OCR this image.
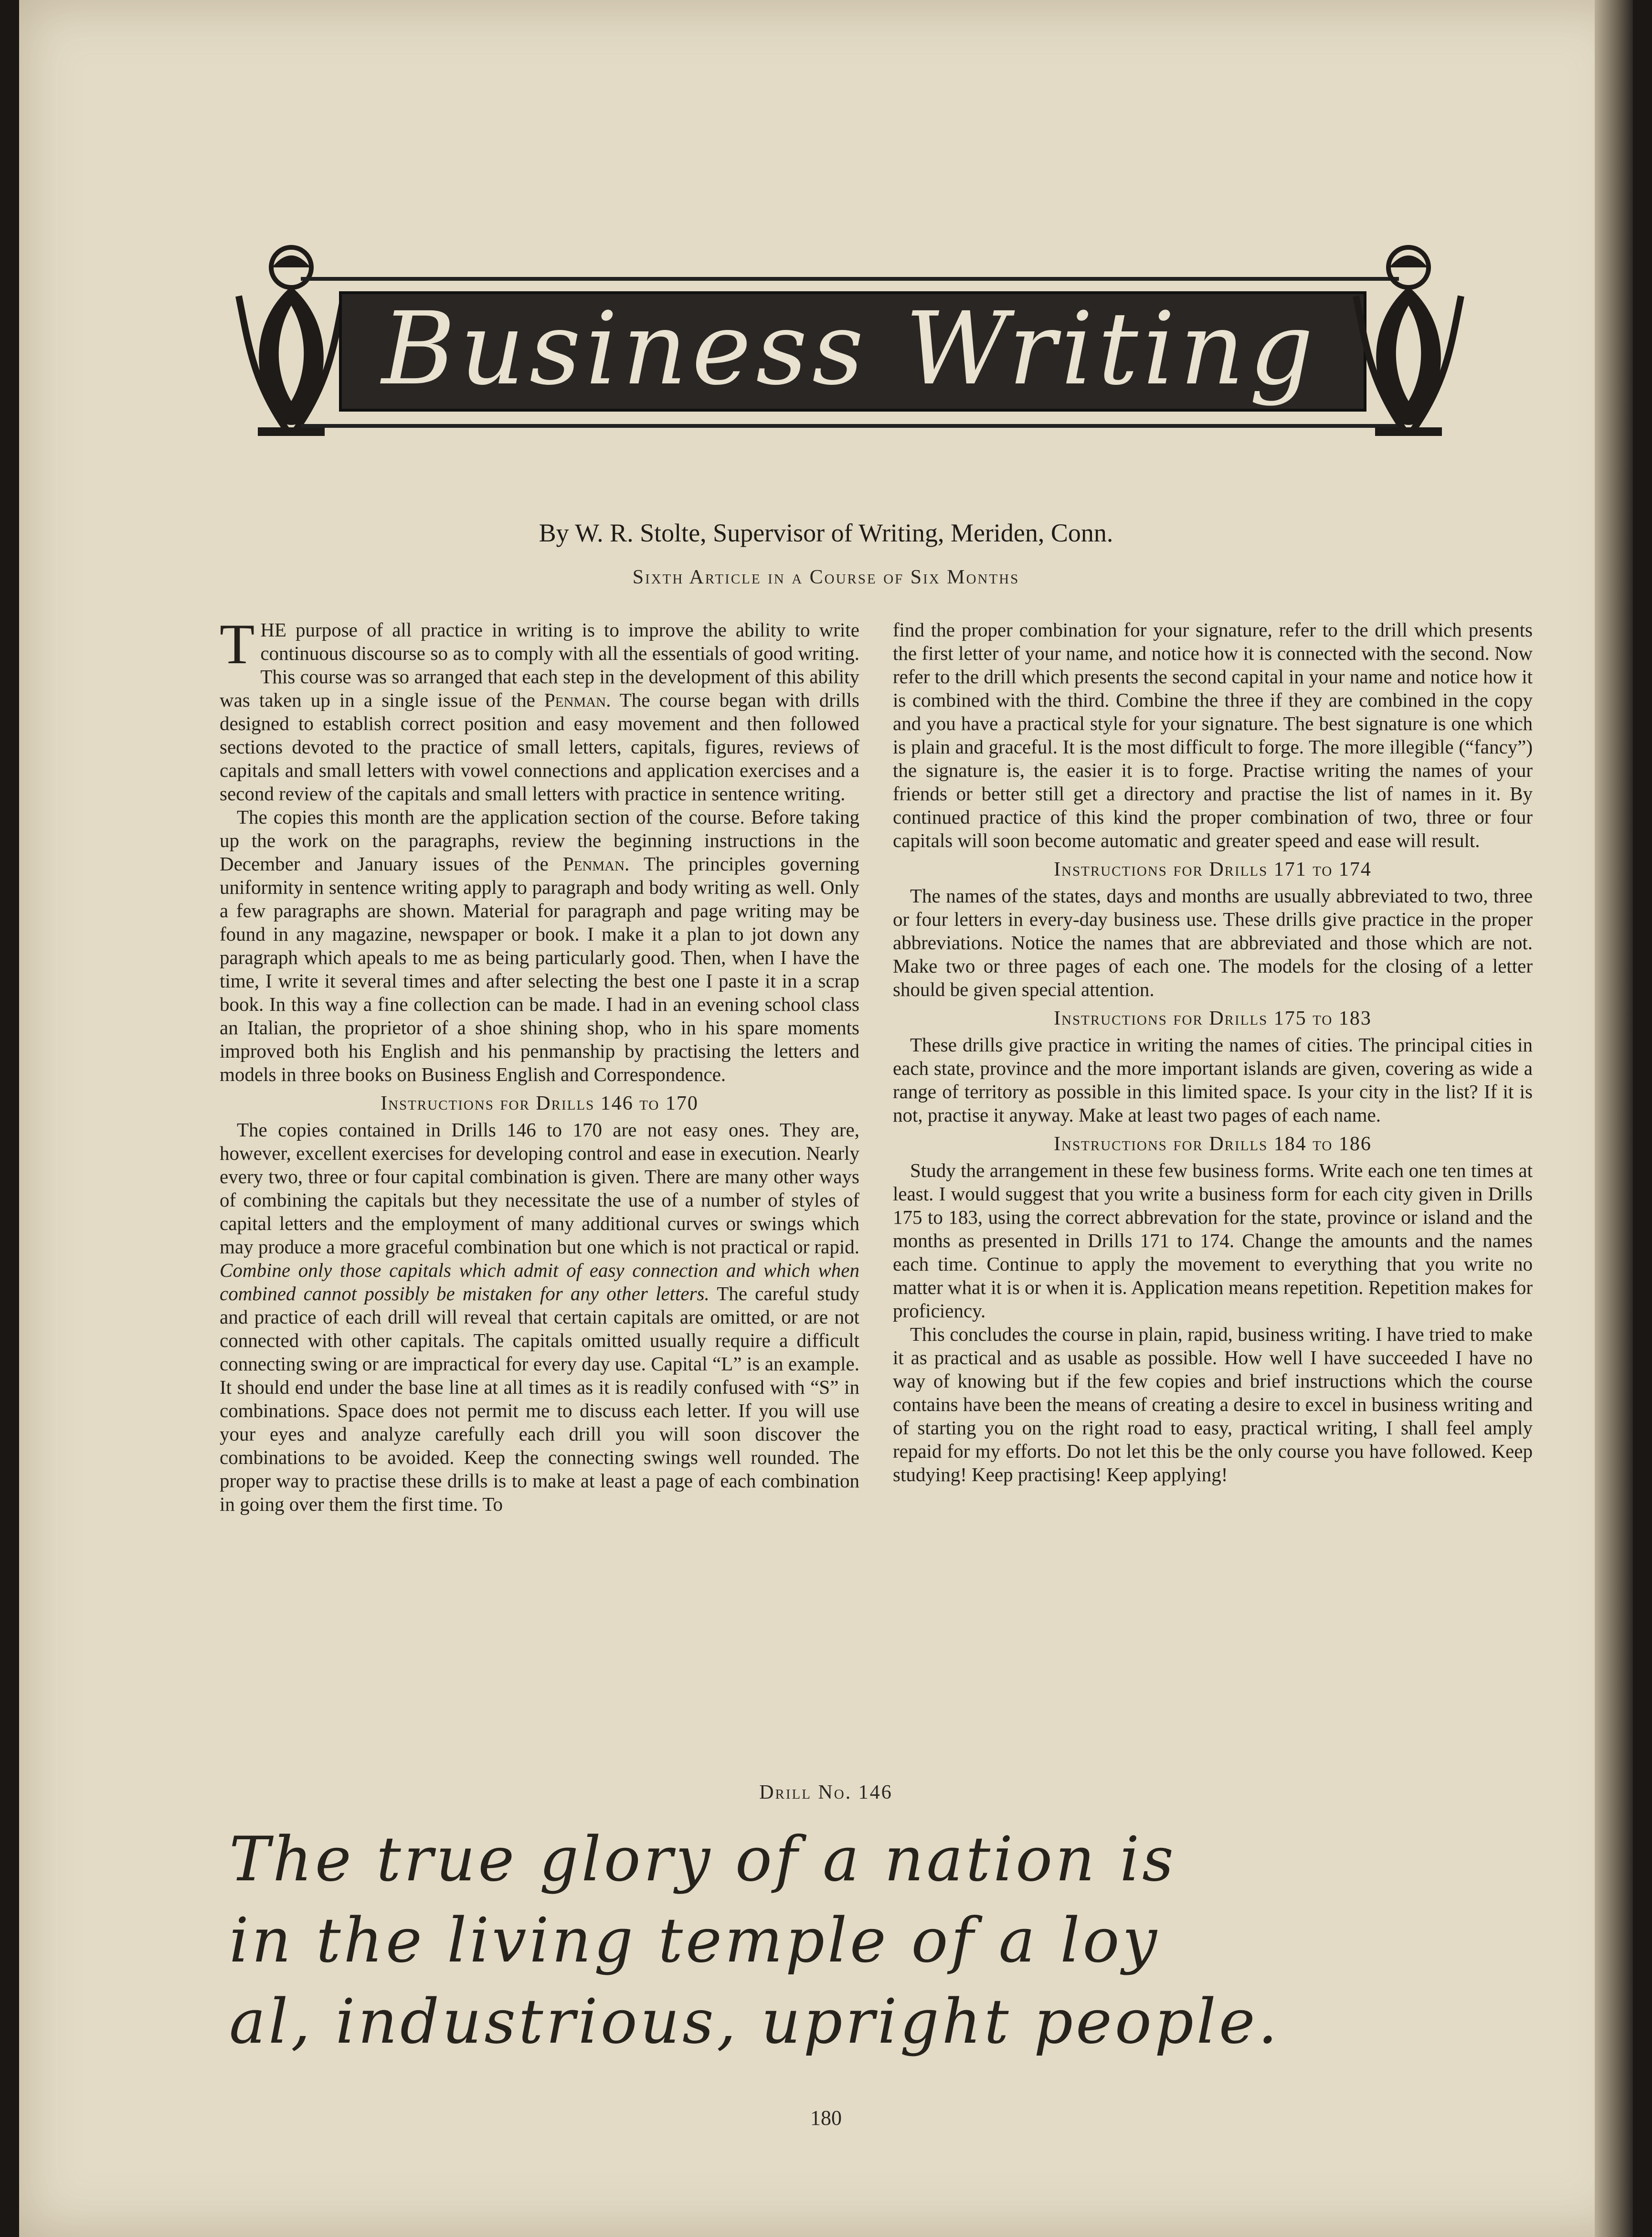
Business Writing
By W. R. Stolte, Supervisor of Writing, Meriden, Conn.
Sixth Article in a Course of Six Months

THE purpose of all practice in writing is to improve the ability to write continuous discourse so as to comply with all the essentials of good writing. This course was so arranged that each step in the development of this ability was taken up in a single issue of the Penman. The course began with drills designed to establish correct position and easy movement and then followed sections devoted to the practice of small letters, capitals, figures, reviews of capitals and small letters with vowel connections and application exercises and a second review of the capitals and small letters with practice in sentence writing.

The copies this month are the application section of the course. Before taking up the work on the paragraphs, review the beginning instructions in the December and January issues of the Penman. The principles governing uniformity in sentence writing apply to paragraph and body writing as well. Only a few paragraphs are shown. Material for paragraph and page writing may be found in any magazine, newspaper or book. I make it a plan to jot down any paragraph which apeals to me as being particularly good. Then, when I have the time, I write it several times and after selecting the best one I paste it in a scrap book. In this way a fine collection can be made. I had in an evening school class an Italian, the proprietor of a shoe shining shop, who in his spare moments improved both his English and his penmanship by practising the letters and models in three books on Business English and Correspondence.

Instructions for Drills 146 to 170

The copies contained in Drills 146 to 170 are not easy ones. They are, however, excellent exercises for developing control and ease in execution. Nearly every two, three or four capital combination is given. There are many other ways of combining the capitals but they necessitate the use of a number of styles of capital letters and the employment of many additional curves or swings which may produce a more graceful combination but one which is not practical or rapid. Combine only those capitals which admit of easy connection and which when combined cannot possibly be mistaken for any other letters. The careful study and practice of each drill will reveal that certain capitals are omitted, or are not connected with other capitals. The capitals omitted usually require a difficult connecting swing or are impractical for every day use. Capital “L” is an example. It should end under the base line at all times as it is readily confused with “S” in combinations. Space does not permit me to discuss each letter. If you will use your eyes and analyze carefully each drill you will soon discover the combinations to be avoided. Keep the connecting swings well rounded. The proper way to practise these drills is to make at least a page of each combination in going over them the first time. To

find the proper combination for your signature, refer to the drill which presents the first letter of your name, and notice how it is connected with the second. Now refer to the drill which presents the second capital in your name and notice how it is combined with the third. Combine the three if they are combined in the copy and you have a practical style for your signature. The best signature is one which is plain and graceful. It is the most difficult to forge. The more illegible (“fancy”) the signature is, the easier it is to forge. Practise writing the names of your friends or better still get a directory and practise the list of names in it. By continued practice of this kind the proper combination of two, three or four capitals will soon become automatic and greater speed and ease will result.

Instructions for Drills 171 to 174

The names of the states, days and months are usually abbreviated to two, three or four letters in every-day business use. These drills give practice in the proper abbreviations. Notice the names that are abbreviated and those which are not. Make two or three pages of each one. The models for the closing of a letter should be given special attention.

Instructions for Drills 175 to 183

These drills give practice in writing the names of cities. The principal cities in each state, province and the more important islands are given, covering as wide a range of territory as possible in this limited space. Is your city in the list? If it is not, practise it anyway. Make at least two pages of each name.

Instructions for Drills 184 to 186

Study the arrangement in these few business forms. Write each one ten times at least. I would suggest that you write a business form for each city given in Drills 175 to 183, using the correct abbrevation for the state, province or island and the months as presented in Drills 171 to 174. Change the amounts and the names each time. Continue to apply the movement to everything that you write no matter what it is or when it is. Application means repetition. Repetition makes for proficiency.

This concludes the course in plain, rapid, business writing. I have tried to make it as practical and as usable as possible. How well I have succeeded I have no way of knowing but if the few copies and brief instructions which the course contains have been the means of creating a desire to excel in business writing and of starting you on the right road to easy, practical writing, I shall feel amply repaid for my efforts. Do not let this be the only course you have followed. Keep studying! Keep practising! Keep applying!

Drill No. 146
The true glory of a nation is
in the living temple of a loy
al, industrious, upright people.
180
